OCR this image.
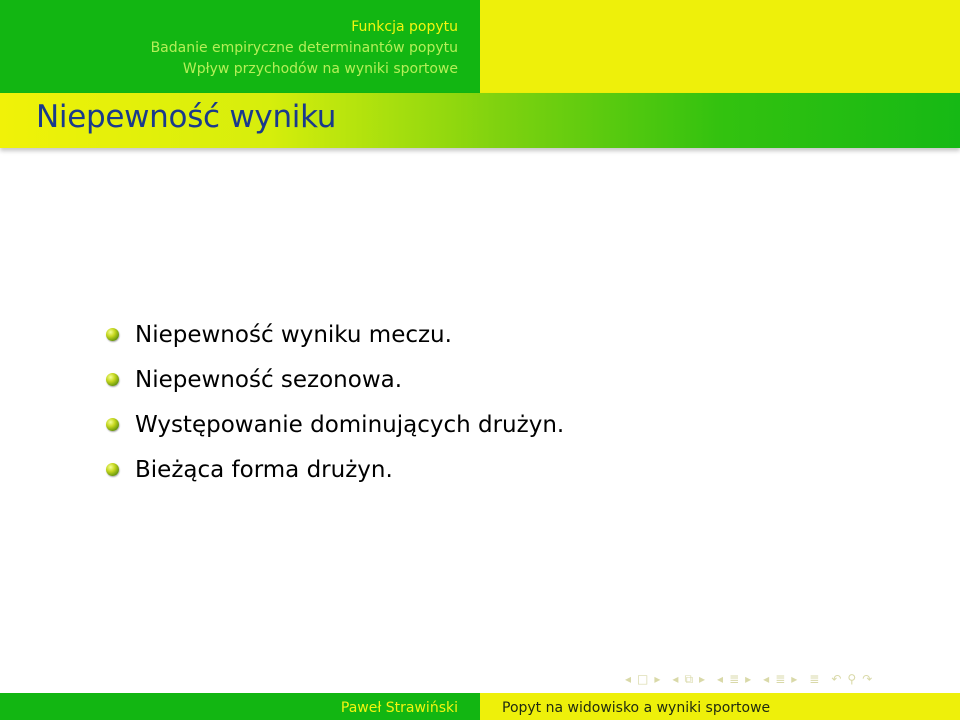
Funkcja popytu
Badanie empiryczne determinantów popytu
Wpływ przychodów na wyniki sportowe
Niepewność wyniku
Niepewność wyniku meczu.
Niepewność sezonowa.
Występowanie dominujących drużyn.
Bieżąca forma drużyn.
◂ □ ▸	◂ ⧉ ▸	◂ ≣ ▸	◂ ≣ ▸	≣	↶ ⚲ ↷
Paweł Strawiński	Popyt na widowisko a wyniki sportowe
